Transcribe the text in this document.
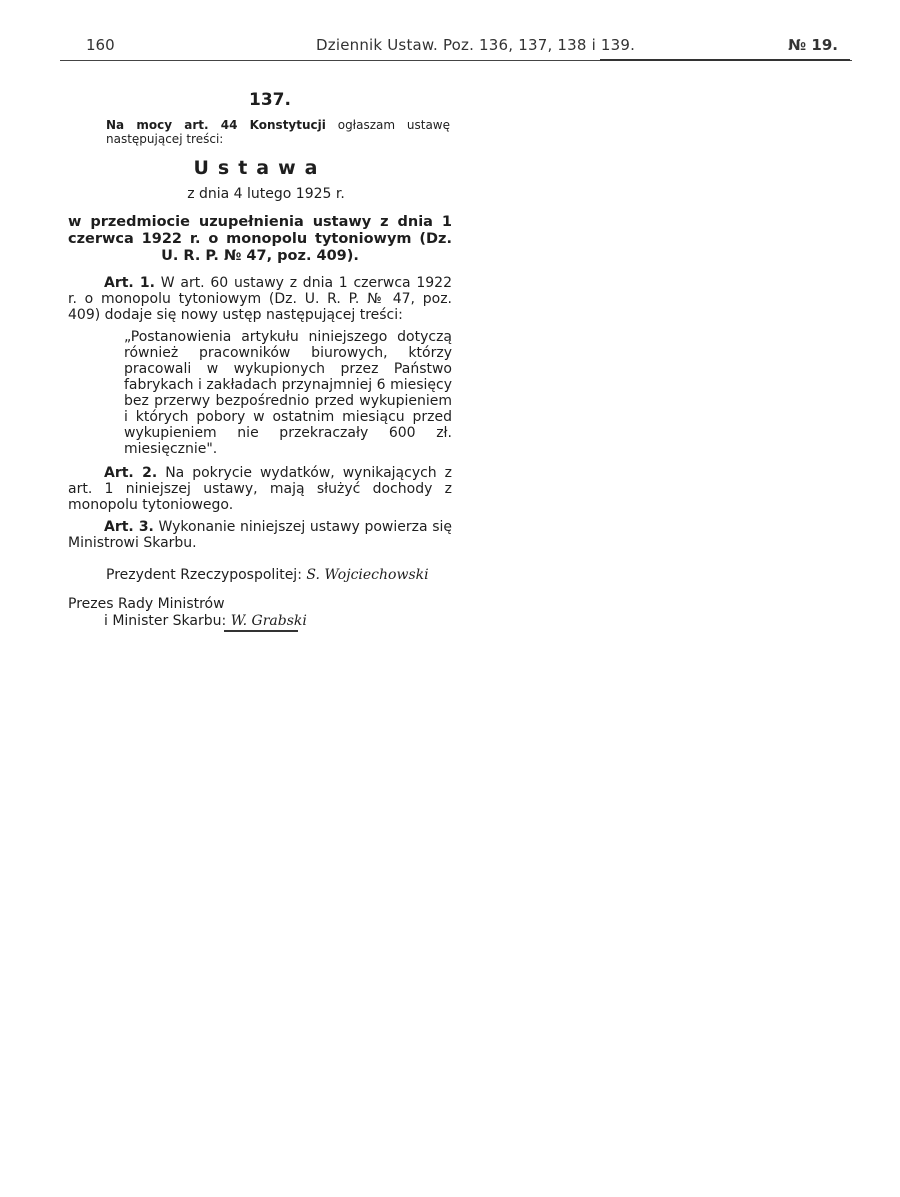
160	Dziennik Ustaw. Poz. 136, 137, 138 i 139.	№ 19.
137.
Na mocy art. 44 Konstytucji ogłaszam ustawę następującej treści:
Ustawa
z dnia 4 lutego 1925 r.
w przedmiocie uzupełnienia ustawy z dnia 1 czerwca 1922 r. o monopolu tytoniowym (Dz. U. R. P. № 47, poz. 409).
Art. 1. W art. 60 ustawy z dnia 1 czerwca 1922 r. o monopolu tytoniowym (Dz. U. R. P. № 47, poz. 409) dodaje się nowy ustęp następującej treści:
„Postanowienia artykułu niniejszego dotyczą również pracowników biurowych, którzy pracowali w wykupionych przez Państwo fabrykach i zakładach przynajmniej 6 miesięcy bez przerwy bezpośrednio przed wykupieniem i których pobory w ostatnim miesiącu przed wykupieniem nie przekraczały 600 zł. miesięcznie".
Art. 2. Na pokrycie wydatków, wynikających z art. 1 niniejszej ustawy, mają służyć dochody z monopolu tytoniowego.
Art. 3. Wykonanie niniejszej ustawy powierza się Ministrowi Skarbu.
Prezydent Rzeczypospolitej: S. Wojciechowski
Prezes Rady Ministrów
i Minister Skarbu: W. Grabski
